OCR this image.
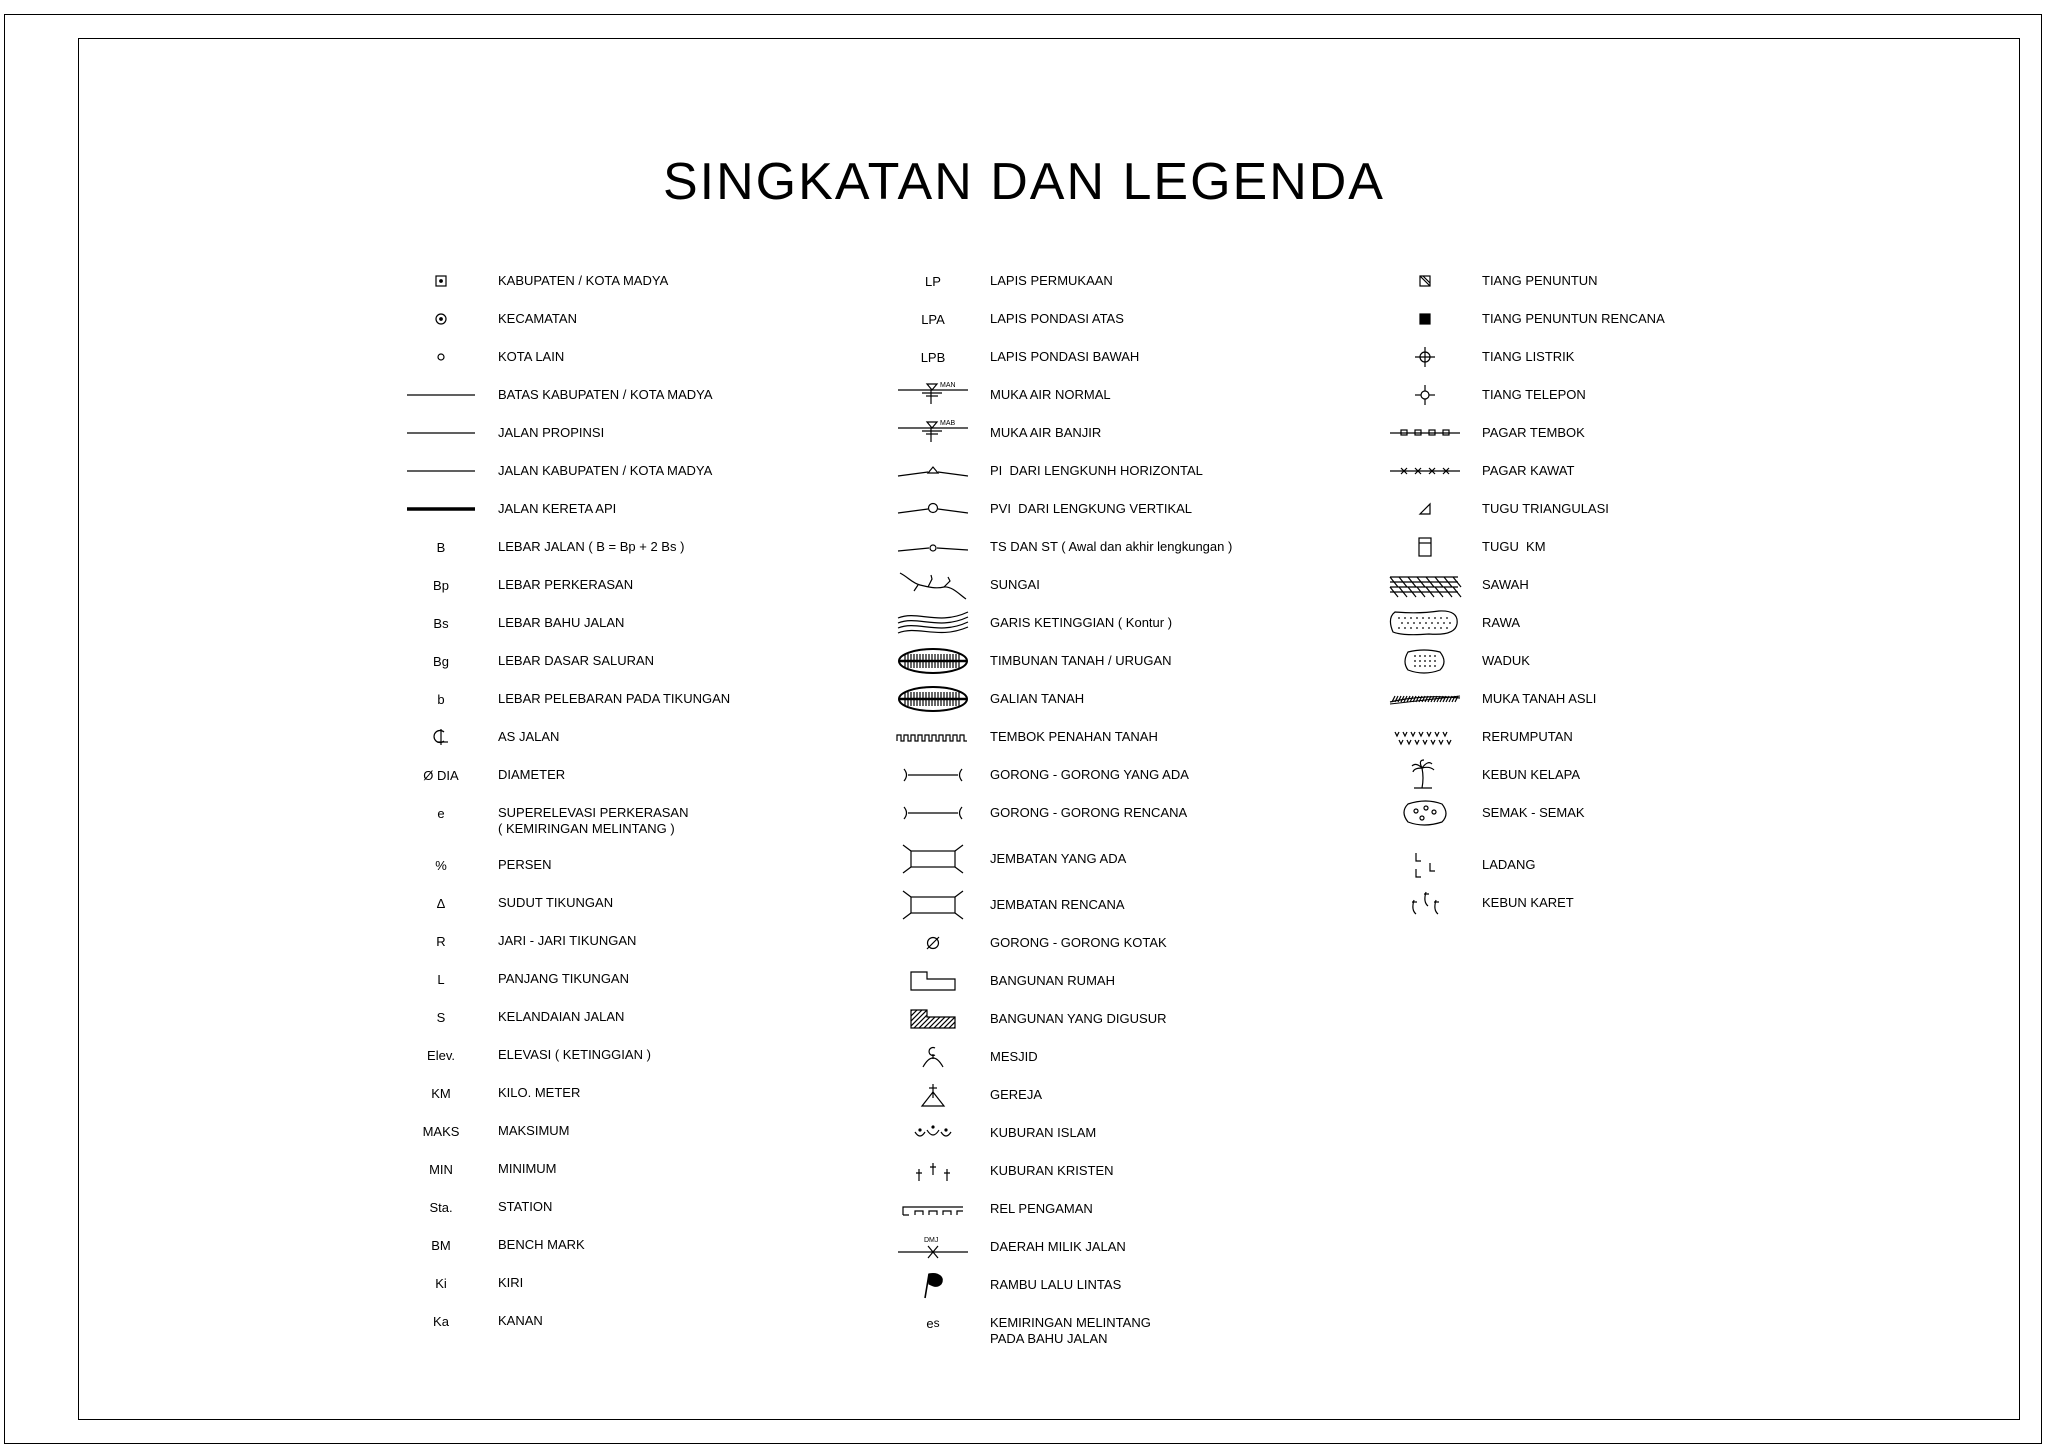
SINGKATAN DAN LEGENDA
KABUPATEN / KOTA MADYA
KECAMATAN
KOTA LAIN
BATAS KABUPATEN / KOTA MADYA
JALAN PROPINSI
JALAN KABUPATEN / KOTA MADYA
JALAN KERETA API
B	LEBAR JALAN ( B = Bp + 2 Bs )
Bp	LEBAR PERKERASAN
Bs	LEBAR BAHU JALAN
Bg	LEBAR DASAR SALURAN
b	LEBAR PELEBARAN PADA TIKUNGAN
AS JALAN
Ø DIA	DIAMETER
e	SUPERELEVASI PERKERASAN
( KEMIRINGAN MELINTANG )
%	PERSEN
Δ	SUDUT TIKUNGAN
R	JARI - JARI TIKUNGAN
L	PANJANG TIKUNGAN
S	KELANDAIAN JALAN
Elev.	ELEVASI ( KETINGGIAN )
KM	KILO. METER
MAKS	MAKSIMUM
MIN	MINIMUM
Sta.	STATION
BM	BENCH MARK
Ki	KIRI
Ka	KANAN
LP	LAPIS PERMUKAAN
LPA	LAPIS PONDASI ATAS
LPB	LAPIS PONDASI BAWAH
MAN
MUKA AIR NORMAL
MAB
MUKA AIR BANJIR
PI  DARI LENGKUNH HORIZONTAL
PVI  DARI LENGKUNG VERTIKAL
TS DAN ST ( Awal dan akhir lengkungan )
SUNGAI
GARIS KETINGGIAN ( Kontur )
TIMBUNAN TANAH / URUGAN
GALIAN TANAH
TEMBOK PENAHAN TANAH
GORONG - GORONG YANG ADA
GORONG - GORONG RENCANA
JEMBATAN YANG ADA
JEMBATAN RENCANA
GORONG - GORONG KOTAK
BANGUNAN RUMAH
BANGUNAN YANG DIGUSUR
MESJID
GEREJA
KUBURAN ISLAM
KUBURAN KRISTEN
REL PENGAMAN
DMJ	DAERAH MILIK JALAN
RAMBU LALU LINTAS
e s	KEMIRINGAN MELINTANG
PADA BAHU JALAN
TIANG PENUNTUN
TIANG PENUNTUN RENCANA
TIANG LISTRIK
TIANG TELEPON
PAGAR TEMBOK
PAGAR KAWAT
TUGU TRIANGULASI
TUGU  KM
SAWAH
RAWA
WADUK
MUKA TANAH ASLI
RERUMPUTAN
KEBUN KELAPA
SEMAK - SEMAK
LADANG
KEBUN KARET
